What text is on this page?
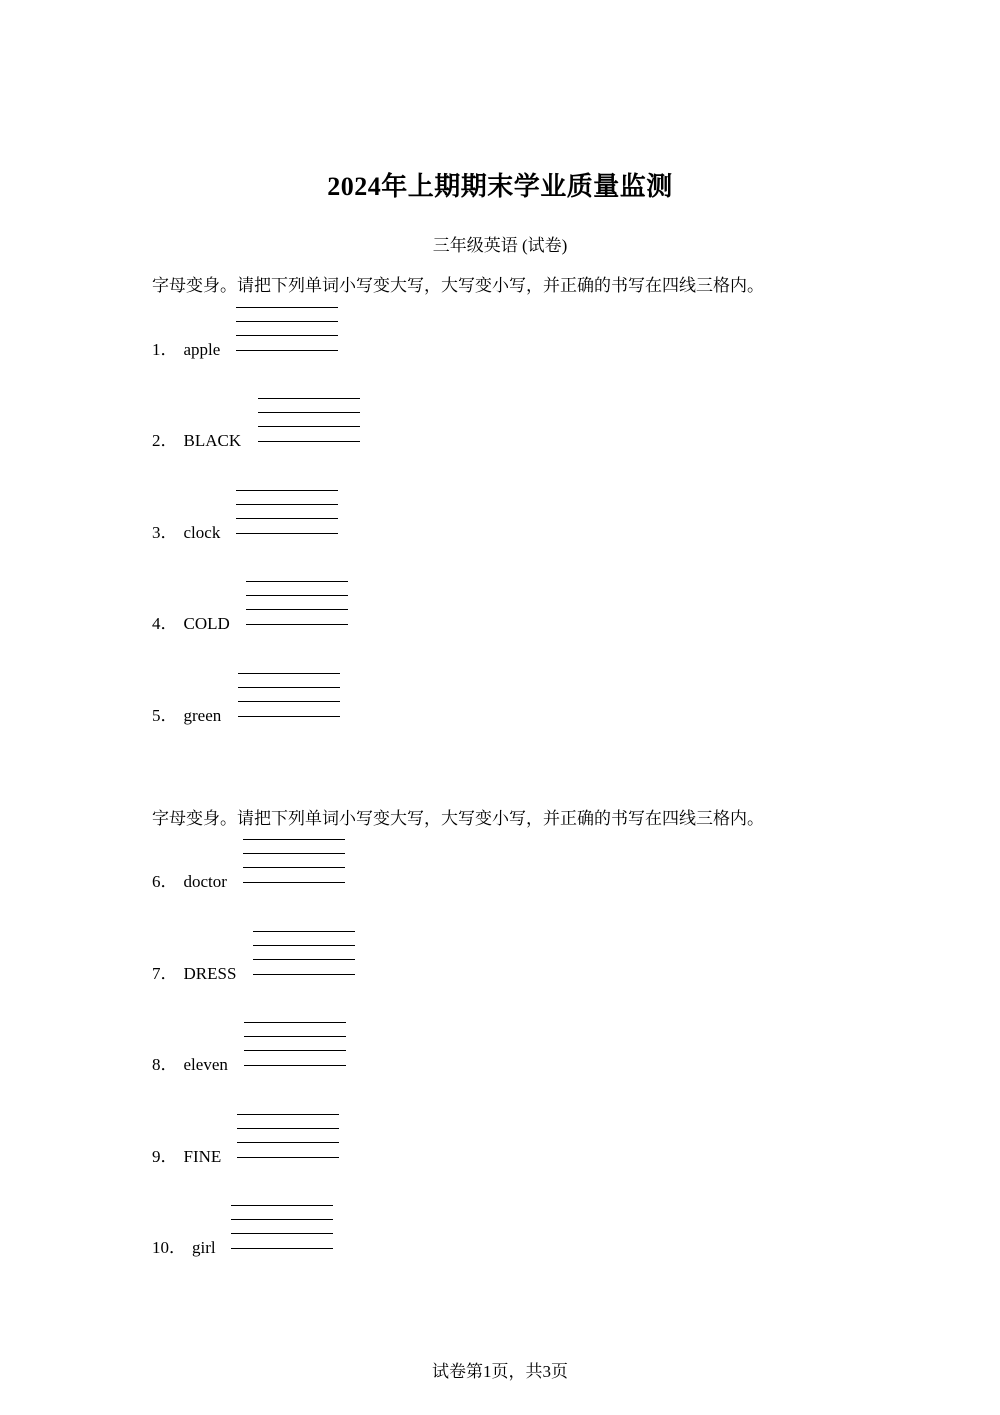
2024年上期期末学业质量监测
三年级英语 (试卷)
字母变身。请把下列单词小写变大写，大写变小写，并正确的书写在四线三格内。
1． apple
2． BLACK
3． clock
4． COLD
5． green
字母变身。请把下列单词小写变大写，大写变小写，并正确的书写在四线三格内。
6． doctor
7． DRESS
8． eleven
9． FINE
10． girl
试卷第1页，共3页
